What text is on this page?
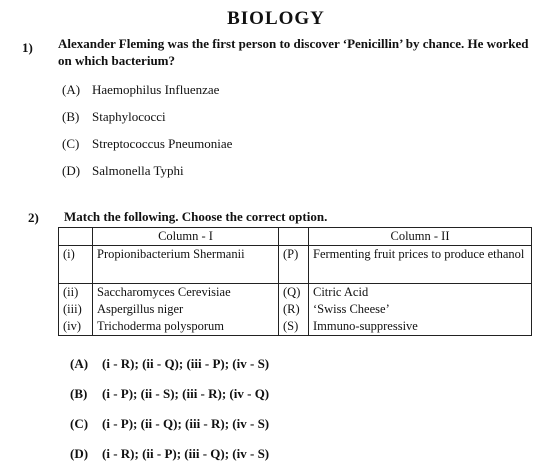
BIOLOGY
1) Alexander Fleming was the first person to discover ‘Penicillin’ by chance. He worked on which bacterium?
(A) Haemophilus Influenzae
(B) Staphylococci
(C) Streptococcus Pneumoniae
(D) Salmonella Typhi
2) Match the following. Choose the correct option.
	Column - I		Column - II
(i)	Propionibacterium Shermanii	(P)	Fermenting fruit prices to produce ethanol
(ii)	Saccharomyces Cerevisiae	(Q)	Citric Acid
(iii)	Aspergillus niger	(R)	‘Swiss Cheese’
(iv)	Trichoderma polysporum	(S)	Immuno-suppressive
(A) (i - R); (ii - Q); (iii - P); (iv - S)
(B) (i - P); (ii - S); (iii - R); (iv - Q)
(C) (i - P); (ii - Q); (iii - R); (iv - S)
(D) (i - R); (ii - P); (iii - Q); (iv - S)
